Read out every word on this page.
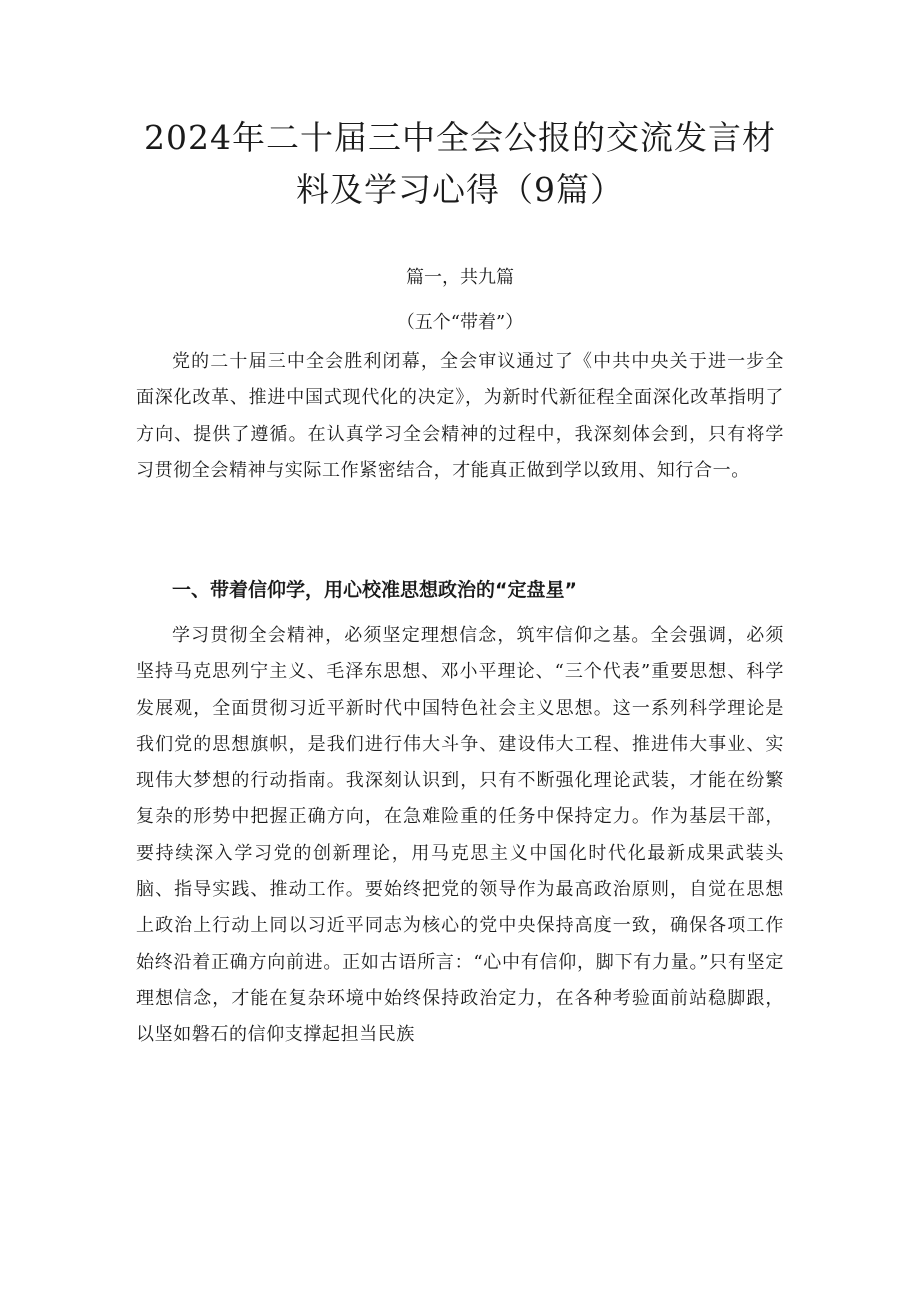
2024年二十届三中全会公报的交流发言材
料及学习心得（9篇）
篇一，共九篇
（五个“带着”）

党的二十届三中全会胜利闭幕，全会审议通过了《中共中央关于进一步全面深化改革、推进中国式现代化的决定》，为新时代新征程全面深化改革指明了方向、提供了遵循。在认真学习全会精神的过程中，我深刻体会到，只有将学习贯彻全会精神与实际工作紧密结合，才能真正做到学以致用、知行合一。

一、带着信仰学，用心校准思想政治的“定盘星”

学习贯彻全会精神，必须坚定理想信念，筑牢信仰之基。全会强调，必须坚持马克思列宁主义、毛泽东思想、邓小平理论、“三个代表”重要思想、科学发展观，全面贯彻习近平新时代中国特色社会主义思想。这一系列科学理论是我们党的思想旗帜，是我们进行伟大斗争、建设伟大工程、推进伟大事业、实现伟大梦想的行动指南。我深刻认识到，只有不断强化理论武装，才能在纷繁复杂的形势中把握正确方向，在急难险重的任务中保持定力。作为基层干部，要持续深入学习党的创新理论，用马克思主义中国化时代化最新成果武装头脑、指导实践、推动工作。要始终把党的领导作为最高政治原则，自觉在思想上政治上行动上同以习近平同志为核心的党中央保持高度一致，确保各项工作始终沿着正确方向前进。正如古语所言：“心中有信仰，脚下有力量。”只有坚定理想信念，才能在复杂环境中始终保持政治定力，在各种考验面前站稳脚跟，以坚如磐石的信仰支撑起担当民族
